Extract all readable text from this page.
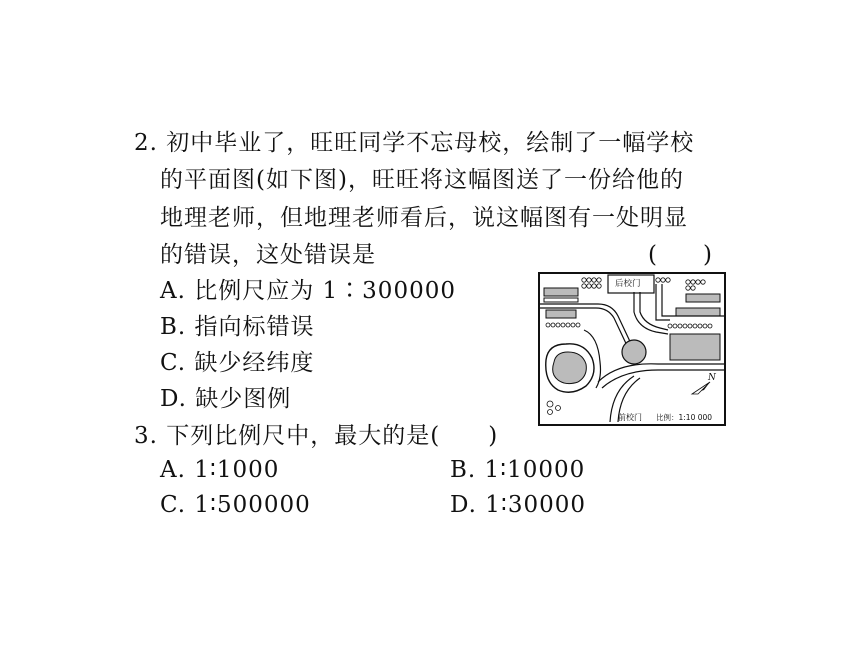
2. 初中毕业了，旺旺同学不忘母校，绘制了一幅学校
的平面图(如下图)，旺旺将这幅图送了一份给他的
地理老师，但地理老师看后，说这幅图有一处明显
的错误，这处错误是	(　　)
A. 比例尺应为 1∶300000
B. 指向标错误
C. 缺少经纬度
D. 缺少图例
后校门
N
前校门 比例：1:10 000
3. 下列比例尺中，最大的是(　　)
A. 1∶1000	B. 1∶10000
C. 1∶500000	D. 1∶30000
